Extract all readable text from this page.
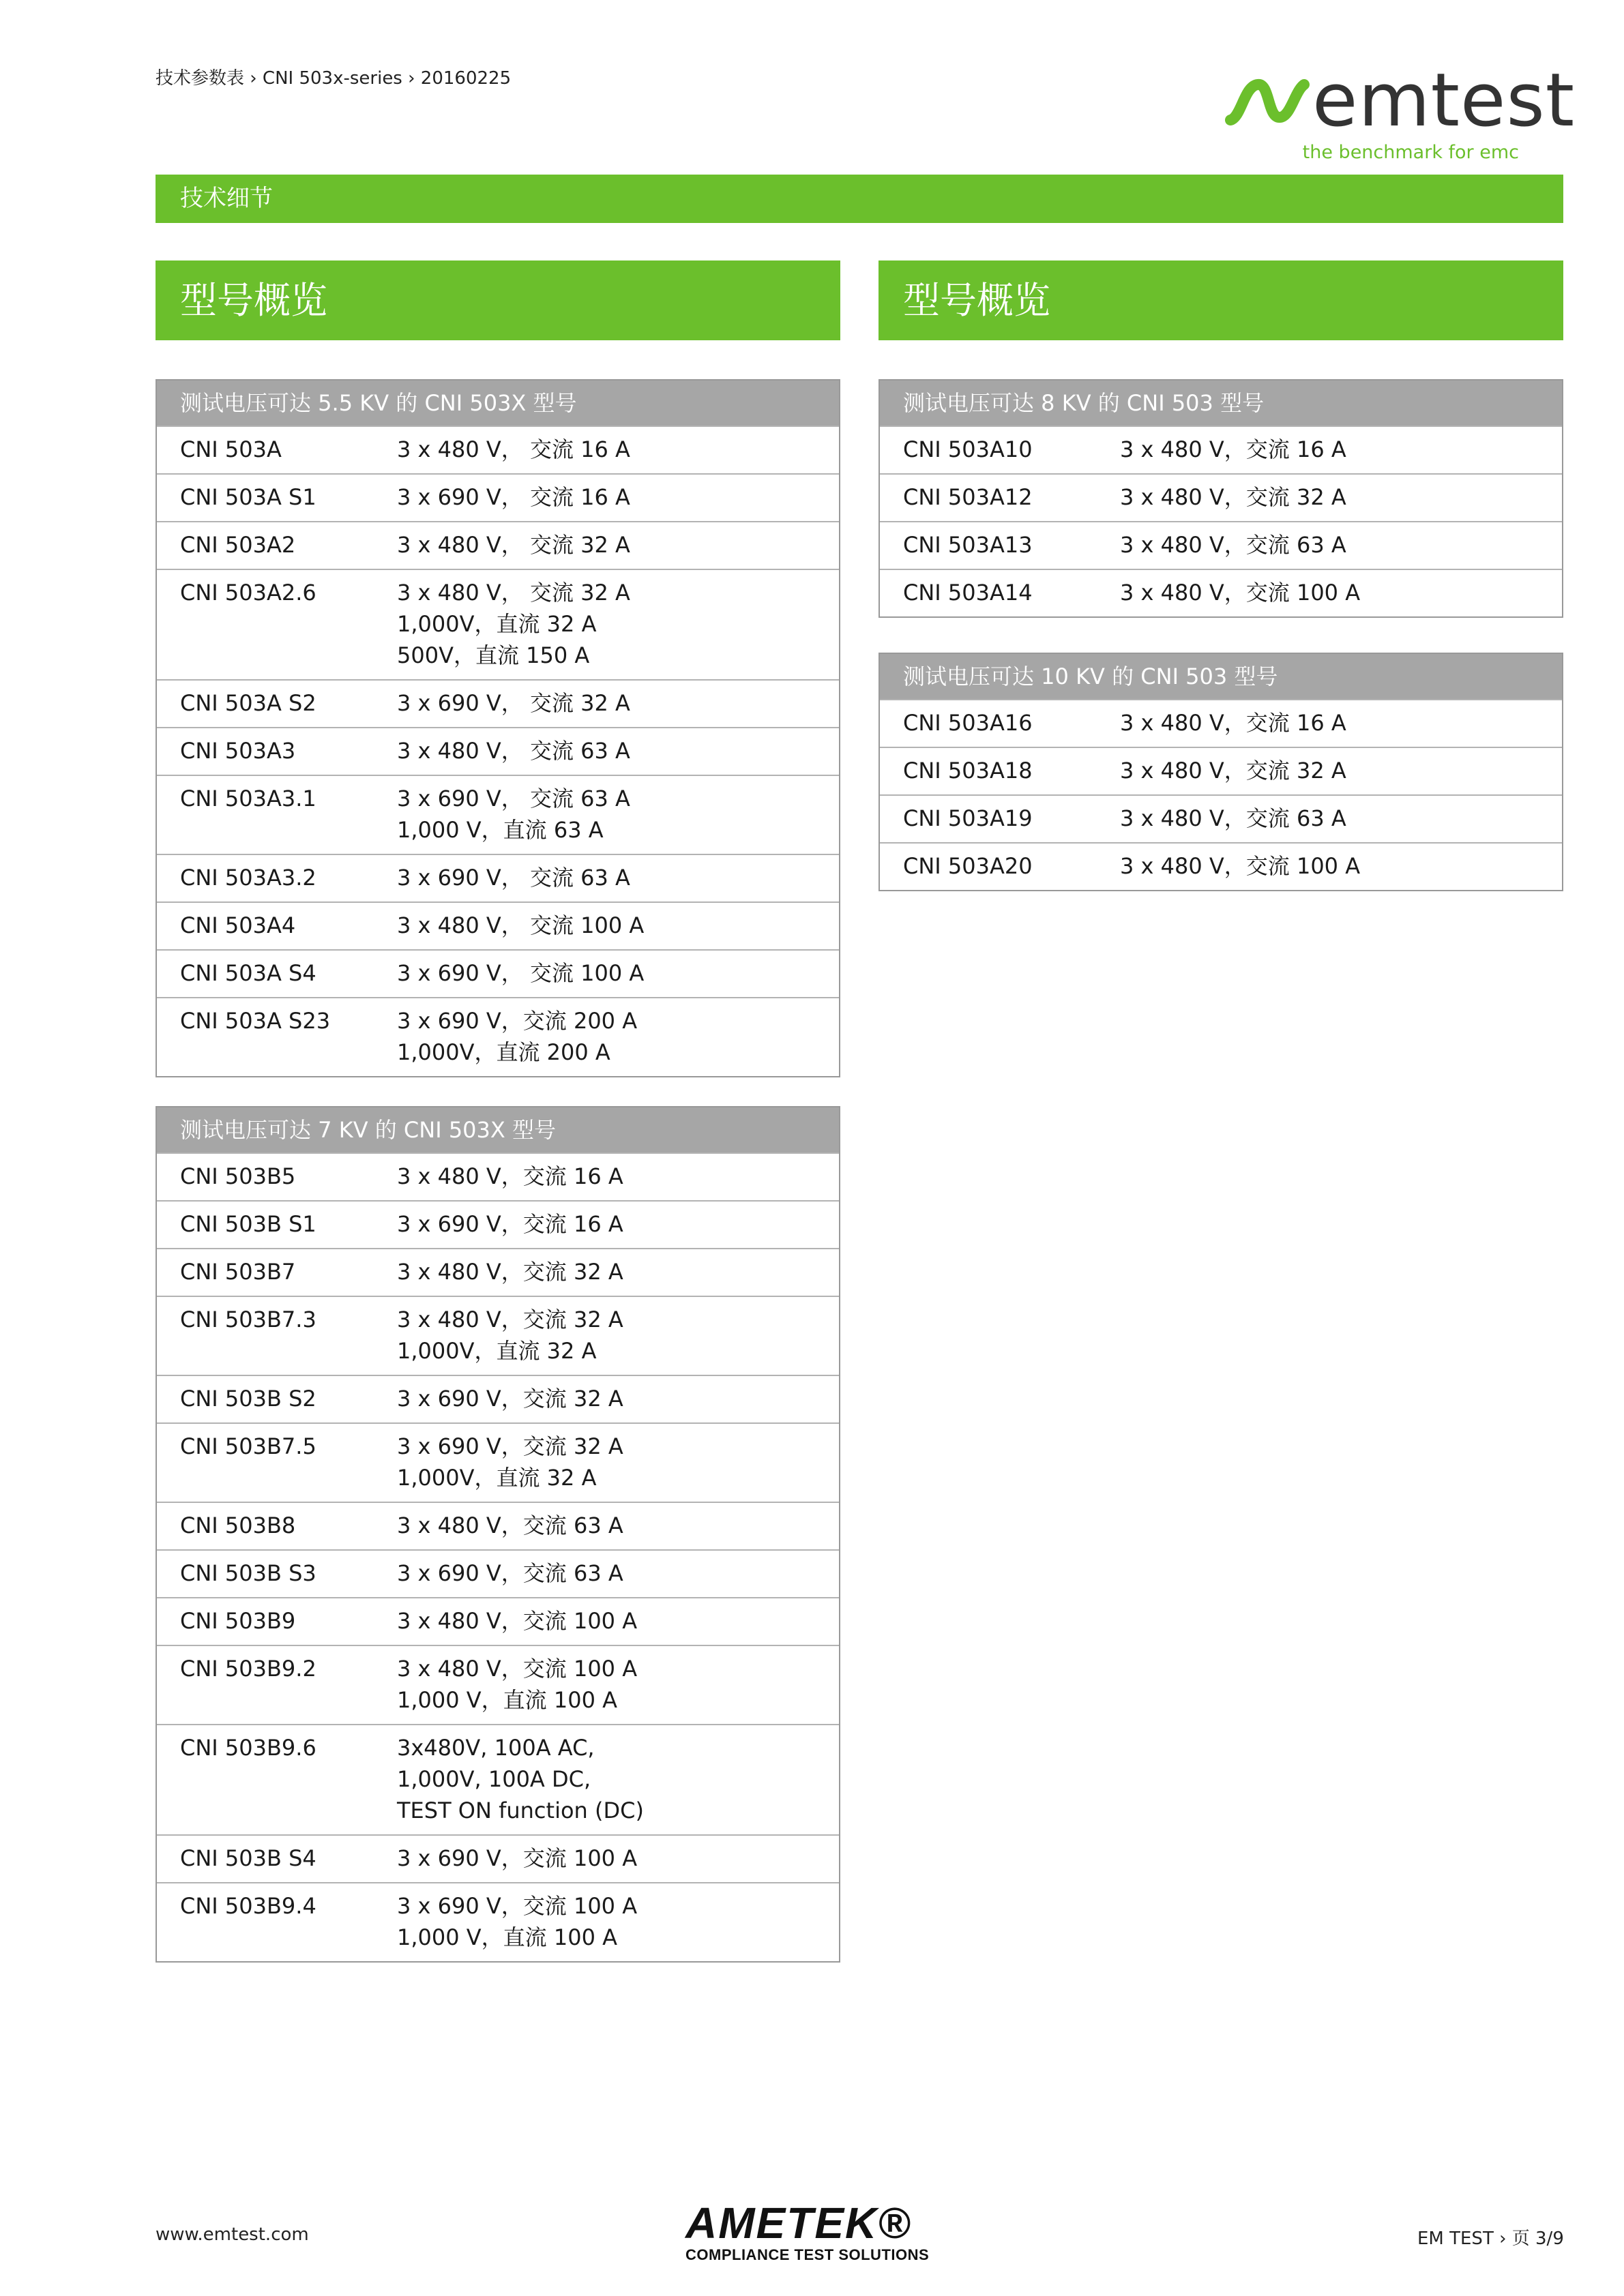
技术参数表 › CNI 503x-series › 20160225	emtest
the benchmark for emc
技术细节
型号概览	型号概览
测试电压可达 5.5 KV 的 CNI 503X 型号
CNI 503A	3 x 480 V， 交流 16 A
CNI 503A S1	3 x 690 V， 交流 16 A
CNI 503A2	3 x 480 V， 交流 32 A
CNI 503A2.6	3 x 480 V， 交流 32 A
1,000V，直流 32 A
500V，直流 150 A
CNI 503A S2	3 x 690 V， 交流 32 A
CNI 503A3	3 x 480 V， 交流 63 A
CNI 503A3.1	3 x 690 V， 交流 63 A
1,000 V，直流 63 A
CNI 503A3.2	3 x 690 V， 交流 63 A
CNI 503A4	3 x 480 V， 交流 100 A
CNI 503A S4	3 x 690 V， 交流 100 A
CNI 503A S23	3 x 690 V，交流 200 A
1,000V，直流 200 A
测试电压可达 7 KV 的 CNI 503X 型号
CNI 503B5	3 x 480 V，交流 16 A
CNI 503B S1	3 x 690 V，交流 16 A
CNI 503B7	3 x 480 V，交流 32 A
CNI 503B7.3	3 x 480 V，交流 32 A
1,000V，直流 32 A
CNI 503B S2	3 x 690 V，交流 32 A
CNI 503B7.5	3 x 690 V，交流 32 A
1,000V，直流 32 A
CNI 503B8	3 x 480 V，交流 63 A
CNI 503B S3	3 x 690 V，交流 63 A
CNI 503B9	3 x 480 V，交流 100 A
CNI 503B9.2	3 x 480 V，交流 100 A
1,000 V，直流 100 A
CNI 503B9.6	3x480V, 100A AC,
1,000V, 100A DC,
TEST ON function (DC)
CNI 503B S4	3 x 690 V，交流 100 A
CNI 503B9.4	3 x 690 V，交流 100 A
1,000 V，直流 100 A
测试电压可达 8 KV 的 CNI 503 型号
CNI 503A10	3 x 480 V，交流 16 A
CNI 503A12	3 x 480 V，交流 32 A
CNI 503A13	3 x 480 V，交流 63 A
CNI 503A14	3 x 480 V，交流 100 A
测试电压可达 10 KV 的 CNI 503 型号
CNI 503A16	3 x 480 V，交流 16 A
CNI 503A18	3 x 480 V，交流 32 A
CNI 503A19	3 x 480 V，交流 63 A
CNI 503A20	3 x 480 V，交流 100 A
www.emtest.com	AMETEK®
COMPLIANCE TEST SOLUTIONS
EM TEST › 页 3/9
